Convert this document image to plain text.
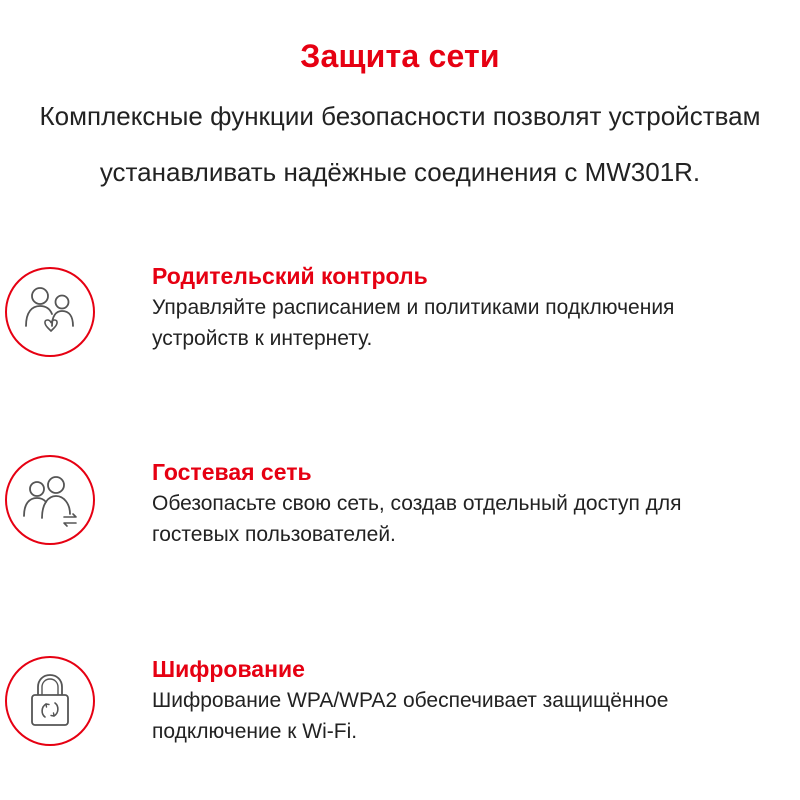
Защита сети
Комплексные функции безопасности позволят устройствам
устанавливать надёжные соединения с MW301R.
Родительский контроль
Управляйте расписанием и политиками подключения
устройств к интернету.
Гостевая сеть
Обезопасьте свою сеть, создав отдельный доступ для
гостевых пользователей.
Шифрование
Шифрование WPA/WPA2 обеспечивает защищённое
подключение к Wi-Fi.
